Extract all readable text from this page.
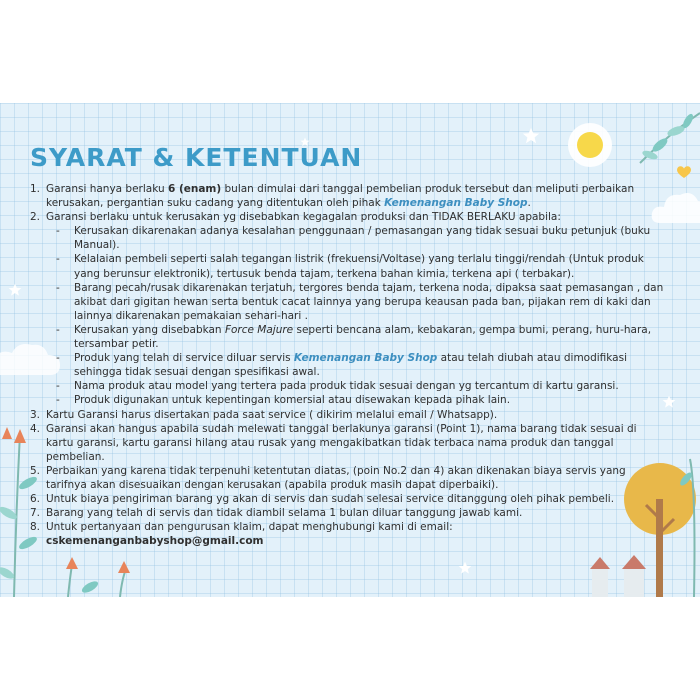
SYARAT & KETENTUAN
1. Garansi hanya berlaku 6 (enam) bulan dimulai dari tanggal pembelian produk tersebut dan meliputi perbaikan kerusakan, pergantian suku cadang yang ditentukan oleh pihak Kemenangan Baby Shop.
2. Garansi berlaku untuk kerusakan yg disebabkan kegagalan produksi dan TIDAK BERLAKU apabila:
- Kerusakan dikarenakan adanya kesalahan penggunaan / pemasangan yang tidak sesuai buku petunjuk (buku Manual).
- Kelalaian pembeli seperti salah tegangan listrik (frekuensi/Voltase) yang terlalu tinggi/rendah (Untuk produk yang berunsur elektronik), tertusuk benda tajam, terkena bahan kimia, terkena api ( terbakar).
- Barang pecah/rusak dikarenakan terjatuh, tergores benda tajam, terkena noda, dipaksa saat pemasangan , dan akibat dari gigitan hewan serta bentuk cacat lainnya yang berupa keausan pada ban, pijakan rem di kaki dan lainnya dikarenakan pemakaian sehari-hari .
- Kerusakan yang disebabkan Force Majure seperti bencana alam, kebakaran, gempa bumi, perang, huru-hara, tersambar petir.
- Produk yang telah di service diluar servis Kemenangan Baby Shop atau telah diubah atau dimodifikasi sehingga tidak sesuai dengan spesifikasi awal.
- Nama produk atau model yang tertera pada produk tidak sesuai dengan yg tercantum di kartu garansi.
- Produk digunakan untuk kepentingan komersial atau disewakan kepada pihak lain.
3. Kartu Garansi harus disertakan pada saat service ( dikirim melalui email / Whatsapp).
4. Garansi akan hangus apabila sudah melewati tanggal berlakunya garansi (Point 1), nama barang tidak sesuai di kartu garansi, kartu garansi hilang atau rusak yang mengakibatkan tidak terbaca nama produk dan tanggal pembelian.
5. Perbaikan yang karena tidak terpenuhi ketentutan diatas, (poin No.2 dan 4) akan dikenakan biaya servis yang tarifnya akan disesuaikan dengan kerusakan (apabila produk masih dapat diperbaiki).
6. Untuk biaya pengiriman barang yg akan di servis dan sudah selesai service ditanggung oleh pihak pembeli.
7. Barang yang telah di servis dan tidak diambil selama 1 bulan diluar tanggung jawab kami.
8. Untuk pertanyaan dan pengurusan klaim, dapat menghubungi kami di email: cskemenanganbabyshop@gmail.com
